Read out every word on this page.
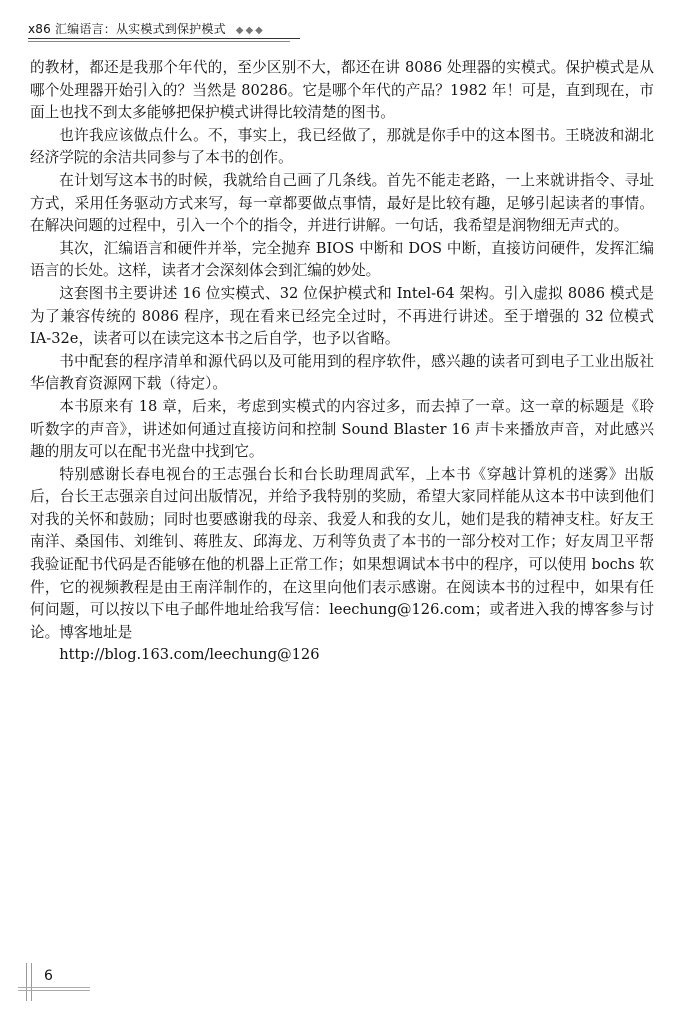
x86 汇编语言：从实模式到保护模式 ◆◆◆

的教材，都还是我那个年代的，至少区别不大，都还在讲 8086 处理器的实模式。保护模式是从哪个处理器开始引入的？当然是 80286。它是哪个年代的产品？1982 年！可是，直到现在，市面上也找不到太多能够把保护模式讲得比较清楚的图书。

也许我应该做点什么。不，事实上，我已经做了，那就是你手中的这本图书。王晓波和湖北经济学院的余洁共同参与了本书的创作。

在计划写这本书的时候，我就给自己画了几条线。首先不能走老路，一上来就讲指令、寻址方式，采用任务驱动方式来写，每一章都要做点事情，最好是比较有趣，足够引起读者的事情。在解决问题的过程中，引入一个个的指令，并进行讲解。一句话，我希望是润物细无声式的。

其次，汇编语言和硬件并举，完全抛弃 BIOS 中断和 DOS 中断，直接访问硬件，发挥汇编语言的长处。这样，读者才会深刻体会到汇编的妙处。

这套图书主要讲述 16 位实模式、32 位保护模式和 Intel-64 架构。引入虚拟 8086 模式是为了兼容传统的 8086 程序，现在看来已经完全过时，不再进行讲述。至于增强的 32 位模式 IA-32e，读者可以在读完这本书之后自学，也予以省略。

书中配套的程序清单和源代码以及可能用到的程序软件，感兴趣的读者可到电子工业出版社华信教育资源网下载（待定）。

本书原来有 18 章，后来，考虑到实模式的内容过多，而去掉了一章。这一章的标题是《聆听数字的声音》，讲述如何通过直接访问和控制 Sound Blaster 16 声卡来播放声音，对此感兴趣的朋友可以在配书光盘中找到它。

特别感谢长春电视台的王志强台长和台长助理周武军，上本书《穿越计算机的迷雾》出版后，台长王志强亲自过问出版情况，并给予我特别的奖励，希望大家同样能从这本书中读到他们对我的关怀和鼓励；同时也要感谢我的母亲、我爱人和我的女儿，她们是我的精神支柱。好友王南洋、桑国伟、刘维钊、蒋胜友、邱海龙、万利等负责了本书的一部分校对工作；好友周卫平帮我验证配书代码是否能够在他的机器上正常工作；如果想调试本书中的程序，可以使用 bochs 软件，它的视频教程是由王南洋制作的，在这里向他们表示感谢。在阅读本书的过程中，如果有任何问题，可以按以下电子邮件地址给我写信：leechung@126.com；或者进入我的博客参与讨论。博客地址是

http://blog.163.com/leechung@126

6
